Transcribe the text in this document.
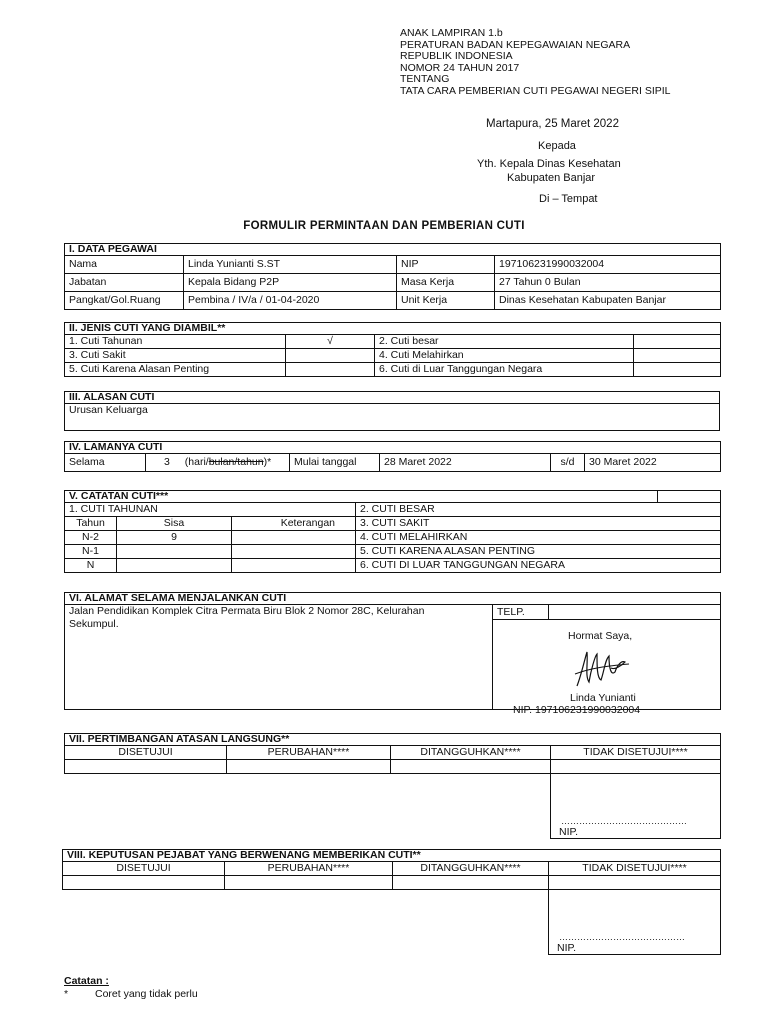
ANAK LAMPIRAN 1.b
PERATURAN BADAN KEPEGAWAIAN NEGARA
REPUBLIK INDONESIA
NOMOR 24 TAHUN 2017
TENTANG
TATA CARA PEMBERIAN CUTI PEGAWAI NEGERI SIPIL
Martapura, 25 Maret 2022
Kepada
Yth. Kepala Dinas Kesehatan
Kabupaten Banjar
Di – Tempat
FORMULIR PERMINTAAN DAN PEMBERIAN CUTI
I. DATA PEGAWAI			
Nama	Linda Yunianti S.ST	NIP	197106231990032004
Jabatan	Kepala Bidang P2P	Masa Kerja	27 Tahun 0 Bulan
Pangkat/Gol.Ruang	Pembina / IV/a / 01-04-2020	Unit Kerja	Dinas Kesehatan Kabupaten Banjar
II. JENIS CUTI YANG DIAMBIL**			
1. Cuti Tahunan	√	2. Cuti besar	
3. Cuti Sakit		4. Cuti Melahirkan	
5. Cuti Karena Alasan Penting		6. Cuti di Luar Tanggungan Negara	
III. ALASAN CUTI
Urusan Keluarga
IV. LAMANYA CUTI
Selama	3 (hari/bulan/tahun)*	Mulai tanggal	28 Maret 2022	s/d	30 Maret 2022
V. CATATAN CUTI***				
1. CUTI TAHUNAN			2. CUTI BESAR	
Tahun	Sisa	Keterangan	3. CUTI SAKIT	
N-2	9		4. CUTI MELAHIRKAN	
N-1			5. CUTI KARENA ALASAN PENTING	
N			6. CUTI DI LUAR TANGGUNGAN NEGARA	
VI. ALAMAT SELAMA MENJALANKAN CUTI

Jalan Pendidikan Komplek Citra Permata Biru Blok 2 Nomor 28C, Kelurahan
Sekumpul.
	TELP.	

Hormat Saya,
Linda Yunianti
NIP. 197106231990032004
VII. PERTIMBANGAN ATASAN LANGSUNG**			
DISETUJUI	PERUBAHAN****	DITANGGUHKAN****	TIDAK DISETUJUI****

			……………………………………
NIP.
VIII. KEPUTUSAN PEJABAT YANG BERWENANG MEMBERIKAN CUTI**			
DISETUJUI	PERUBAHAN****	DITANGGUHKAN****	TIDAK DISETUJUI****

			……………………………………
NIP.
Catatan :
*	Coret yang tidak perlu
